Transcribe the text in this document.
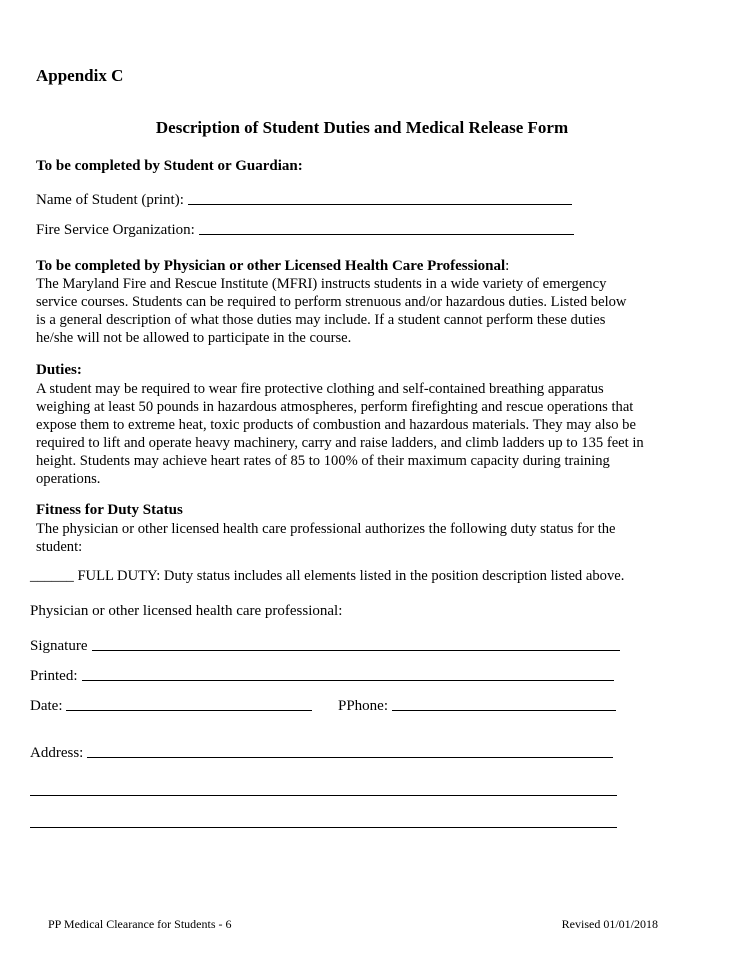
Appendix C
Description of Student Duties and Medical Release Form
To be completed by Student or Guardian:
Name of Student (print):
Fire Service Organization:
To be completed by Physician or other Licensed Health Care Professional:

The Maryland Fire and Rescue Institute (MFRI) instructs students in a wide variety of emergency

service courses. Students can be required to perform strenuous and/or hazardous duties. Listed below

is a general description of what those duties may include. If a student cannot perform these duties

he/she will not be allowed to participate in the course.

Duties:

A student may be required to wear fire protective clothing and self-contained breathing apparatus

weighing at least 50 pounds in hazardous atmospheres, perform firefighting and rescue operations that

expose them to extreme heat, toxic products of combustion and hazardous materials. They may also be

required to lift and operate heavy machinery, carry and raise ladders, and climb ladders up to 135 feet in

height. Students may achieve heart rates of 85 to 100% of their maximum capacity during training

operations.

Fitness for Duty Status

The physician or other licensed health care professional authorizes the following duty status for the

student:

______ FULL DUTY: Duty status includes all elements listed in the position description listed above.
Physician or other licensed health care professional:
Signature
Printed:
Date:	PPhone:
Address:
PP Medical Clearance for Students - 6	Revised 01/01/2018
